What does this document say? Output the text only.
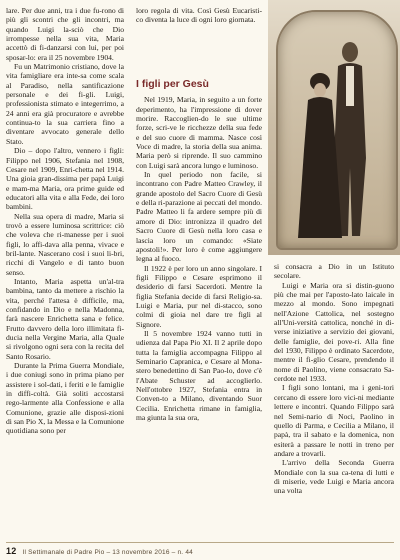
lare. Per due anni, tra i due fu-rono di più gli scontri che gli incontri, ma quando Luigi la-sciò che Dio irrompesse nella sua vita, Maria accettò di fi-danzarsi con lui, per poi sposar-lo: era il 25 novembre 1904.

Fu un Matrimonio cristiano, dove la vita famigliare era inte-sa come scala al Paradiso, nella santificazione personale e dei fi-gli. Luigi, professionista stimato e integerrimo, a 24 anni era già procuratore e avrebbe continua-to la sua carriera fino a diventare avvocato generale dello Stato.

Dio – dopo l'altro, vennero i figli: Filippo nel 1906, Stefania nel 1908, Cesare nel 1909, Enri-chetta nel 1914. Una gioia gran-dissima per papà Luigi e mam-ma Maria, ora prime guide ed educatori alla vita e alla Fede, dei loro bambini.

Nella sua opera di madre, Maria si trovò a essere luminosa scrittrice: ciò che voleva che ri-manesse per i suoi figli, lo affi-dava alla penna, vivace e bril-lante. Nascerano così i suoi li-bri, ricchi di Vangelo e di tanto buon senso.

Intanto, Maria aspetta un'al-tra bambina, tanto da mettere a rischio la vita, perché l'attesa è difficile, ma, confidando in Dio e nella Madonna, farà nascere Enrichetta sana e felice. Frutto davvero della loro illimitata fi-ducia nella Vergine Maria, alla Quale si rivolgono ogni sera con la recita del Santo Rosario.

Durante la Prima Guerra Mondiale, i due coniugi sono in prima piano per assistere i sol-dati, i feriti e le famiglie in diffi-coltà. Già soliti accostarsi rego-larmente alla Confessione e alla Comunione, grazie alle disposi-zioni di san Pio X, la Messa e la Comunione quotidiana sono per

loro regola di vita. Così Gesù Eucaristi-co diventa la luce di ogni loro giornata.

I figli per Gesù

Nel 1919, Maria, in seguito a un forte deperimento, ha l'impressione di dover morire. Raccoglien-do le sue ultime forze, scri-ve le ricchezze della sua fede e del suo cuore di mamma. Nasce così Voce di madre, la storia della sua anima. Maria però si riprende. Il suo cammino con Luigi sarà ancora lungo e luminoso.

In quel periodo non facile, si incontrano con Padre Matteo Crawley, il grande apostolo del Sacro Cuore di Gesù e della ri-parazione ai peccati del mondo. Padre Matteo li fa ardere sempre più di amore di Dio: intronizza il quadro del Sacro Cuore di Gesù nella loro casa e lascia loro un comando: «Siate apostoli!». Per loro è come aggiungere legna al fuoco.

Il 1922 è per loro un anno singolare. I figli Filippo e Cesare esprimono il desiderio di farsi Sacerdoti. Mentre la figlia Stefania decide di farsi Religio-sa. Luigi e Maria, pur nel di-stacco, sono colmi di gioia nel dare tre figli al Signore.

Il 5 novembre 1924 vanno tutti in udienza dal Papa Pio XI. Il 2 aprile dopo tutta la famiglia accompagna Filippo al Seminario Capranica, e Cesare al Mona-stero benedettino di San Pao-lo, dove c'è l'Abate Schuster ad accoglierlo. Nell'ottobre 1927, Stefania entra in Conven-to a Milano, diventando Suor Cecilia. Enrichetta rimane in famiglia, ma giunta la sua ora,

si consacra a Dio in un Istituto secolare.

Luigi e Maria ora si distin-guono più che mai per l'aposto-lato laicale in mezzo al mondo. Sono impegnati nell'Azione Cattolica, nel sostegno all'Uni-versità cattolica, nonché in di-verse iniziative a servizio dei giovani, delle famiglie, dei pove-ri. Alla fine del 1930, Filippo è ordinato Sacerdote, mentre il fi-glio Cesare, prendendo il nome di Paolino, viene consacrato Sa-cerdote nel 1933.

I figli sono lontani, ma i geni-tori cercano di essere loro vici-ni mediante lettere e incontri. Quando Filippo sarà nel Semi-nario di Noci, Paolino in quello di Parma, e Cecilia a Milano, il papà, tra il sabato e la domenica, non esiterà a passare le notti in treno per andare a trovarli.

L'arrivo della Seconda Guerra Mondiale con la sua ca-tena di lutti e di miserie, vede Luigi e Maria ancora una volta

12 Il Settimanale di Padre Pio – 13 novembre 2016 – n. 44
